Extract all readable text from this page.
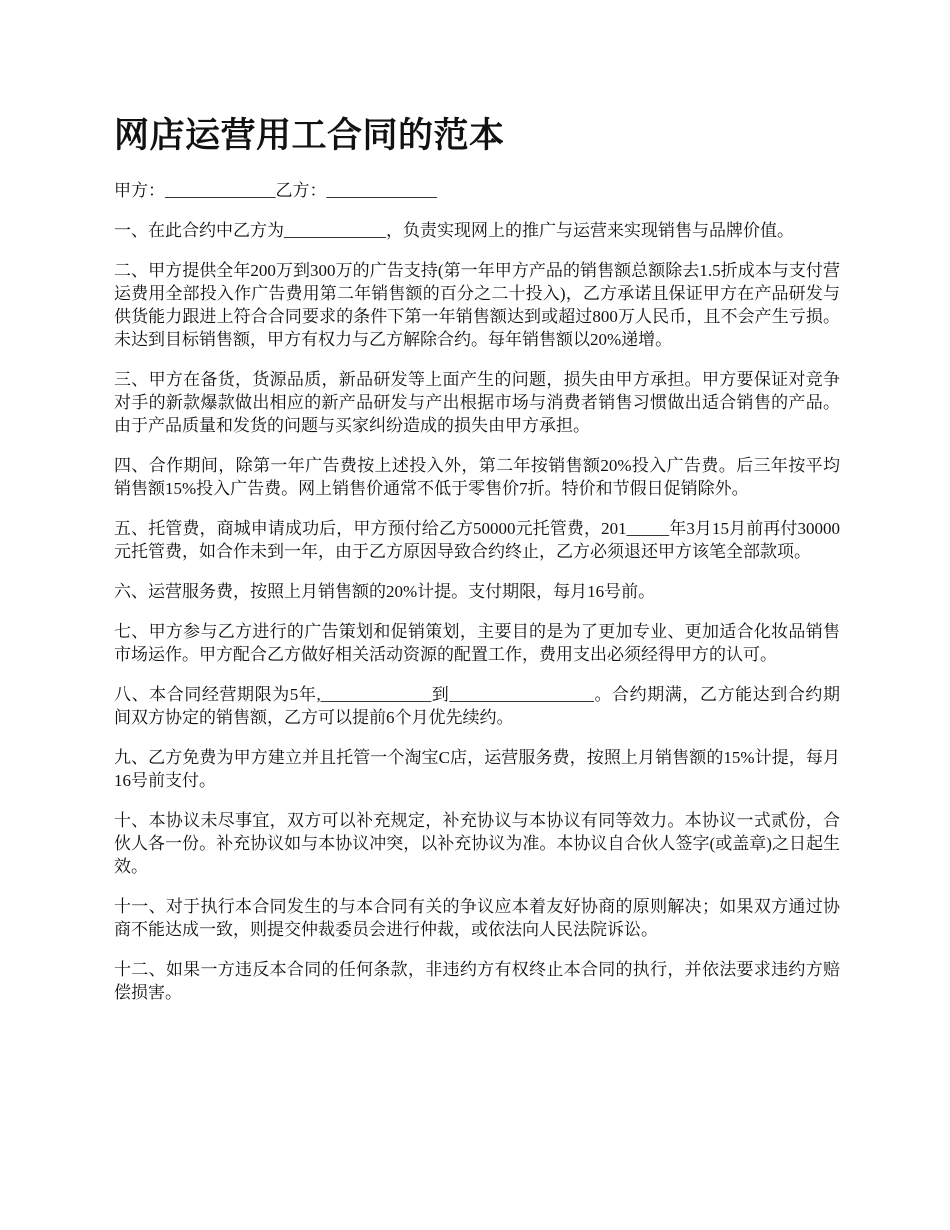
网店运营用工合同的范本

甲方：_____________乙方：_____________

一、在此合约中乙方为____________，负责实现网上的推广与运营来实现销售与品牌价值。

二、甲方提供全年200万到300万的广告支持(第一年甲方产品的销售额总额除去1.5折成本与支付营运费用全部投入作广告费用第二年销售额的百分之二十投入)，乙方承诺且保证甲方在产品研发与供货能力跟进上符合合同要求的条件下第一年销售额达到或超过800万人民币，且不会产生亏损。未达到目标销售额，甲方有权力与乙方解除合约。每年销售额以20%递增。

三、甲方在备货，货源品质，新品研发等上面产生的问题，损失由甲方承担。甲方要保证对竞争对手的新款爆款做出相应的新产品研发与产出根据市场与消费者销售习惯做出适合销售的产品。由于产品质量和发货的问题与买家纠纷造成的损失由甲方承担。

四、合作期间，除第一年广告费按上述投入外，第二年按销售额20%投入广告费。后三年按平均销售额15%投入广告费。网上销售价通常不低于零售价7折。特价和节假日促销除外。

五、托管费，商城申请成功后，甲方预付给乙方50000元托管费，201_____年3月15月前再付30000元托管费，如合作未到一年，由于乙方原因导致合约终止，乙方必须退还甲方该笔全部款项。

六、运营服务费，按照上月销售额的20%计提。支付期限，每月16号前。

七、甲方参与乙方进行的广告策划和促销策划，主要目的是为了更加专业、更加适合化妆品销售市场运作。甲方配合乙方做好相关活动资源的配置工作，费用支出必须经得甲方的认可。

八、本合同经营期限为5年,_____________到_________________。合约期满，乙方能达到合约期间双方协定的销售额，乙方可以提前6个月优先续约。

九、乙方免费为甲方建立并且托管一个淘宝C店，运营服务费，按照上月销售额的15%计提，每月16号前支付。

十、本协议未尽事宜，双方可以补充规定，补充协议与本协议有同等效力。本协议一式贰份，合伙人各一份。补充协议如与本协议冲突，以补充协议为准。本协议自合伙人签字(或盖章)之日起生效。

十一、对于执行本合同发生的与本合同有关的争议应本着友好协商的原则解决；如果双方通过协商不能达成一致，则提交仲裁委员会进行仲裁，或依法向人民法院诉讼。

十二、如果一方违反本合同的任何条款，非违约方有权终止本合同的执行，并依法要求违约方赔偿损害。
